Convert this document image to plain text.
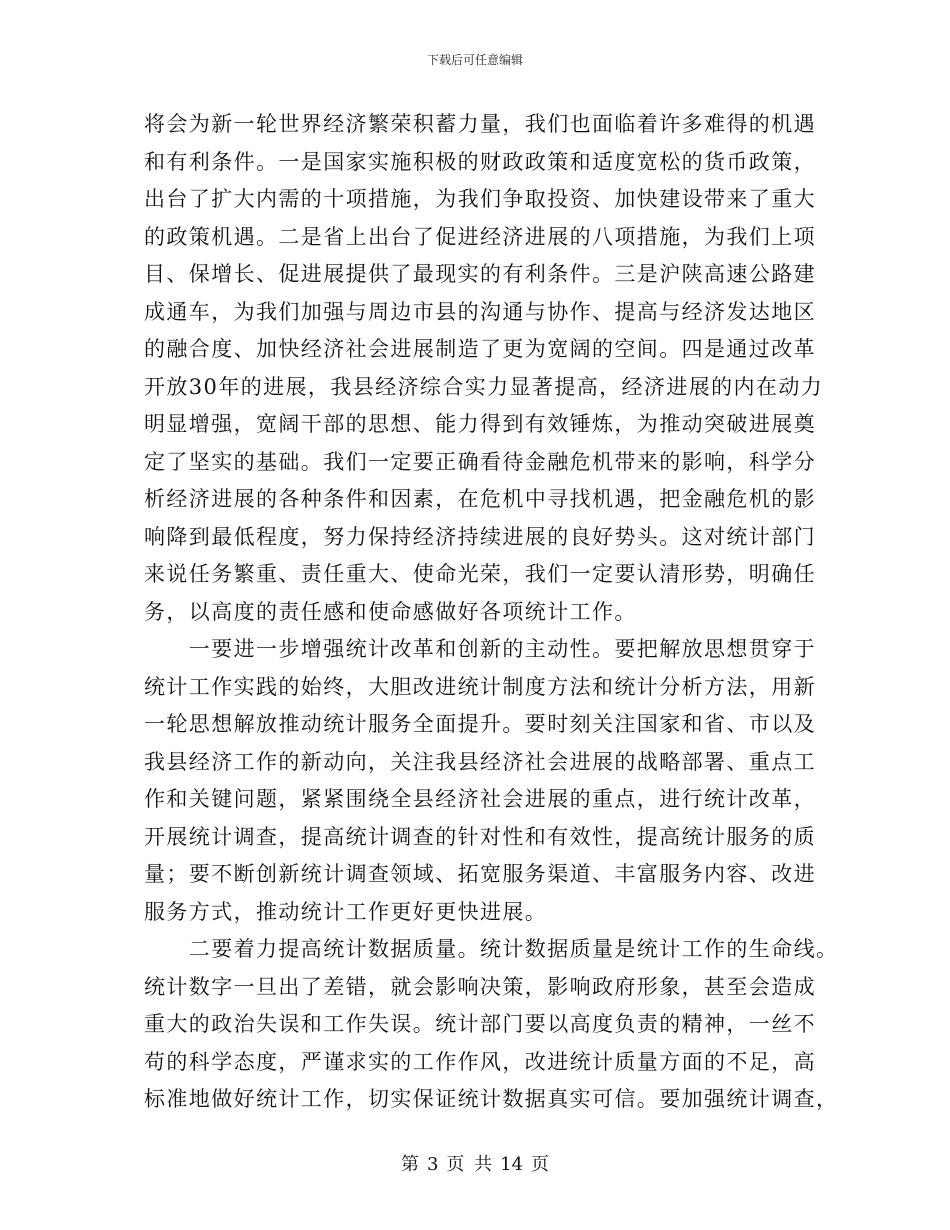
下载后可任意编辑
将会为新一轮世界经济繁荣积蓄力量，我们也面临着许多难得的机遇
和有利条件。一是国家实施积极的财政政策和适度宽松的货币政策，
出台了扩大内需的十项措施，为我们争取投资、加快建设带来了重大
的政策机遇。二是省上出台了促进经济进展的八项措施，为我们上项
目、保增长、促进展提供了最现实的有利条件。三是沪陕高速公路建
成通车，为我们加强与周边市县的沟通与协作、提高与经济发达地区
的融合度、加快经济社会进展制造了更为宽阔的空间。四是通过改革
开放30年的进展，我县经济综合实力显著提高，经济进展的内在动力
明显增强，宽阔干部的思想、能力得到有效锤炼，为推动突破进展奠
定了坚实的基础。我们一定要正确看待金融危机带来的影响，科学分
析经济进展的各种条件和因素，在危机中寻找机遇，把金融危机的影
响降到最低程度，努力保持经济持续进展的良好势头。这对统计部门
来说任务繁重、责任重大、使命光荣，我们一定要认清形势，明确任
务，以高度的责任感和使命感做好各项统计工作。
　　一要进一步增强统计改革和创新的主动性。要把解放思想贯穿于
统计工作实践的始终，大胆改进统计制度方法和统计分析方法，用新
一轮思想解放推动统计服务全面提升。要时刻关注国家和省、市以及
我县经济工作的新动向，关注我县经济社会进展的战略部署、重点工
作和关键问题，紧紧围绕全县经济社会进展的重点，进行统计改革，
开展统计调查，提高统计调查的针对性和有效性，提高统计服务的质
量；要不断创新统计调查领域、拓宽服务渠道、丰富服务内容、改进
服务方式，推动统计工作更好更快进展。
　　二要着力提高统计数据质量。统计数据质量是统计工作的生命线。
统计数字一旦出了差错，就会影响决策，影响政府形象，甚至会造成
重大的政治失误和工作失误。统计部门要以高度负责的精神，一丝不
苟的科学态度，严谨求实的工作作风，改进统计质量方面的不足，高
标准地做好统计工作，切实保证统计数据真实可信。要加强统计调查，
第 3 页 共 14 页
